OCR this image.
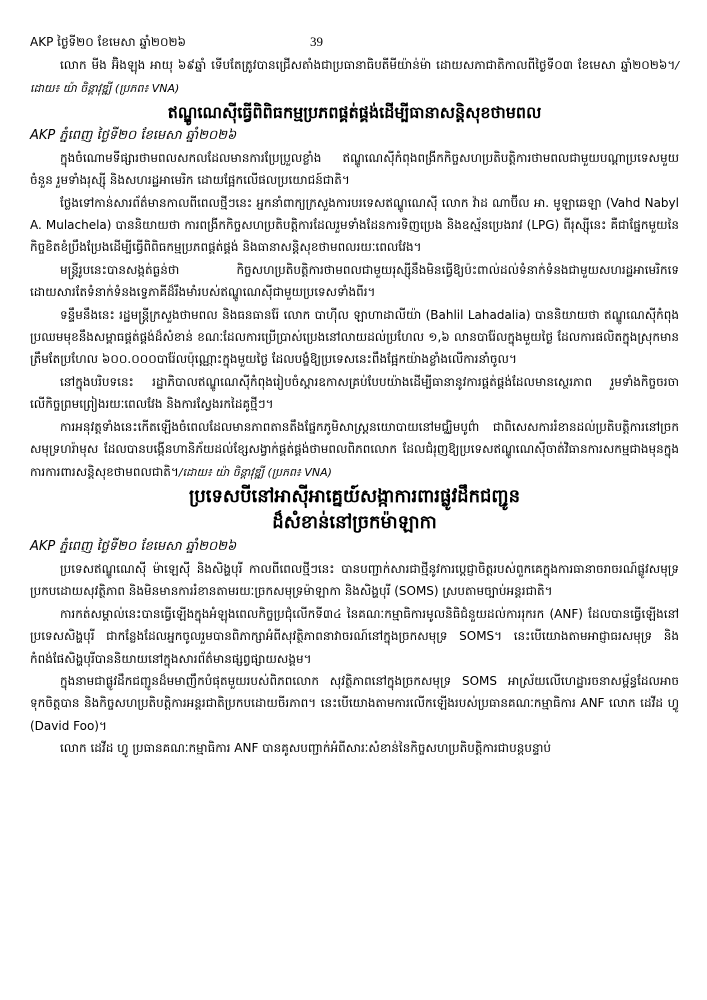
AKP ថ្ងៃទី២០ ខែមេសា ឆ្នាំ២០២៦	39

លោក មីង អ៊ិងឡុង អាយុ ៦៩ឆ្នាំ ទើបតែត្រូវបានជ្រើសតាំងជាប្រធានាធិបតីមីយ៉ាន់ម៉ា ដោយសភាជាតិកាលពីថ្ងៃទី០៣ ខែមេសា ឆ្នាំ២០២៦។/ដោយ៖ យ៉ា ចិន្ដាវុឌ្ឍី (ប្រភព៖ VNA)

ឥណ្ឌូណេស៊ីធ្វើពិពិធកម្មប្រភពផ្គត់ផ្គង់ដើម្បីធានាសន្ដិសុខថាមពល

AKP ភ្នំពេញ ថ្ងៃទី២០ ខែមេសា ឆ្នាំ២០២៦

ក្នុងចំណោមទីផ្សារថាមពលសកលដែលមានការប្រែប្រួលខ្លាំង ឥណ្ឌូណេស៊ីកំពុងពង្រីកកិច្ចសហប្រតិបត្តិការថាមពលជាមួយបណ្ដាប្រទេសមួយចំនួន រួមទាំងរុស្ស៊ី និងសហរដ្ឋអាមេរិក ដោយផ្អែកលើផលប្រយោជន៍ជាតិ។

ថ្លែងទៅកាន់សារព័ត៌មានកាលពីពេលថ្មីៗនេះ អ្នកនាំពាក្យក្រសួងការបរទេសឥណ្ឌូណេស៊ី លោក វ៉ាដ ណាប៊ីល អា. មូឡាឆេឡា (Vahd Nabyl A. Mulachela) បាននិយាយថា ការពង្រីកកិច្ចសហប្រតិបត្តិការដែលរួមទាំងដែនការទិញប្រេង និងឧស្ម័នប្រេងរាវ (LPG) ពីរុស្ស៊ីនេះ គឺជាផ្នែកមួយនៃកិច្ចខិតខំប្រឹងប្រែងដើម្បីធ្វើពិពិធកម្មប្រភពផ្គត់ផ្គង់ និងធានាសន្ដិសុខថាមពលរយៈពេលវែង។

មន្ត្រីរូបនេះបានសង្កត់ធ្ងន់ថា កិច្ចសហប្រតិបត្តិការថាមពលជាមួយរុស្ស៊ីនឹងមិនធ្វើឱ្យប៉ះពាល់ដល់ទំនាក់ទំនងជាមួយសហរដ្ឋអាមេរិកទេ ដោយសារតែទំនាក់ទំនងទ្វេភាគីដ៏រឹងមាំរបស់ឥណ្ឌូណេស៊ីជាមួយប្រទេសទាំងពីរ។

ទន្ទឹមនឹងនេះ រដ្ឋមន្ត្រីក្រសួងថាមពល និងធនធានរ៉ែ លោក បាហ៊ីល ឡាហាដាលីយ៉ា (Bahlil Lahadalia) បាននិយាយថា ឥណ្ឌូណេស៊ីកំពុងប្រឈមមុខនឹងសម្ពាធផ្គត់ផ្គង់ដ៏សំខាន់ ខណៈដែលការប្រើប្រាស់ប្រេងនៅលាយដល់ប្រហែល ១,៦ លានបារ៉ែលក្នុងមួយថ្ងៃ ដែលការផលិតក្នុងស្រុកមានត្រឹមតែប្រហែល ៦០០.០០០បារ៉ែលប៉ុណ្ណោះក្នុងមួយថ្ងៃ ដែលបង្ខំឱ្យប្រទេសនេះពឹងផ្អែកយ៉ាងខ្លាំងលើការនាំចូល។

នៅក្នុងបរិបទនេះ រដ្ឋាភិបាលឥណ្ឌូណេស៊ីកំពុងរៀបចំស្ដារឧកាសគ្រប់បែបយ៉ាងដើម្បីធានានូវការផ្គត់ផ្គង់ដែលមានស្ថេរភាព រួមទាំងកិច្ចចរចាលើកិច្ចព្រមព្រៀងរយៈពេលវែង និងការស្វែងរកដៃគូថ្មីៗ។

ការអនុវត្តទាំងនេះកើតឡើងចំពេលដែលមានភាពតានតឹងផ្នែកភូមិសាស្ត្រនយោបាយនៅមជ្ឈិមបូព៌ា ជាពិសេសការរំខានដល់ប្រតិបត្តិការនៅច្រកសមុទ្រហរ៉ាមុស ដែលបានបង្កើនហានិភ័យដល់ខ្សែសង្វាក់ផ្គត់ផ្គង់ថាមពលពិភពលោក ដែលជំរុញឱ្យប្រទេសឥណ្ឌូណេស៊ីចាត់វិធានការសកម្មជាងមុនក្នុងការការពារសន្ដិសុខថាមពលជាតិ។/ដោយ៖ យ៉ា ចិន្ដាវុឌ្ឍី (ប្រភព៖ VNA)

ប្រទេសបីនៅអាស៊ីអាគ្នេយ៍សង្កាការពារផ្លូវដឹកជញ្ជូន
ដ៏សំខាន់នៅច្រកម៉ាឡាកា

AKP ភ្នំពេញ ថ្ងៃទី២០ ខែមេសា ឆ្នាំ២០២៦

ប្រទេសឥណ្ឌូណេស៊ី ម៉ាឡេស៊ី និងសិង្ហបុរី កាលពីពេលថ្មីៗនេះ បានបញ្ជាក់សារជាថ្មីនូវការប្ដេជ្ញាចិត្តរបស់ពួកគេក្នុងការធានាចរាចរណ៍ផ្លូវសមុទ្រប្រកបដោយសុវត្ថិភាព និងមិនមានការរំខានតាមរយៈច្រកសមុទ្រម៉ាឡាកា និងសិង្ហបុរី (SOMS) ស្របតាមច្បាប់អន្តរជាតិ។

ការកត់សម្គាល់នេះបានធ្វើឡើងក្នុងអំឡុងពេលកិច្ចប្រជុំលើកទី៣៤ នៃគណៈកម្មាធិការមូលនិធិជំនួយដល់ការរុករក (ANF) ដែលបានធ្វើឡើងនៅប្រទេសសិង្ហបុរី ជាកន្លែងដែលអ្នកចូលរួមបានពិភាក្សាអំពីសុវត្ថិភាពនាវាចរណ៍នៅក្នុងច្រកសមុទ្រ SOMS។ នេះបើយោងតាមអាជ្ញាធរសមុទ្រ និងកំពង់ផែសិង្ហបុរីបាននិយាយនៅក្នុងសារព័ត៌មានផ្សព្វផ្សាយសង្គម។

ក្នុងនាមជាផ្លូវដឹកជញ្ជូនដ៏មមាញឹកបំផុតមួយរបស់ពិភពលោក សុវត្ថិភាពនៅក្នុងច្រកសមុទ្រ SOMS អាស្រ័យលើហេដ្ឋារចនាសម្ព័ន្ធដែលអាចទុកចិត្តបាន និងកិច្ចសហប្រតិបត្តិការអន្តរជាតិប្រកបដោយចីរភាព។ នេះបើយោងតាមការលើកឡើងរបស់ប្រធានគណៈកម្មាធិការ ANF លោក ដេវីដ ហ្វូ (David Foo)។

លោក ដេវីដ ហ្វូ ប្រធានគណៈកម្មាធិការ ANF បានគូសបញ្ជាក់អំពីសារៈសំខាន់នៃកិច្ចសហប្រតិបត្តិការជាបន្តបន្ទាប់
